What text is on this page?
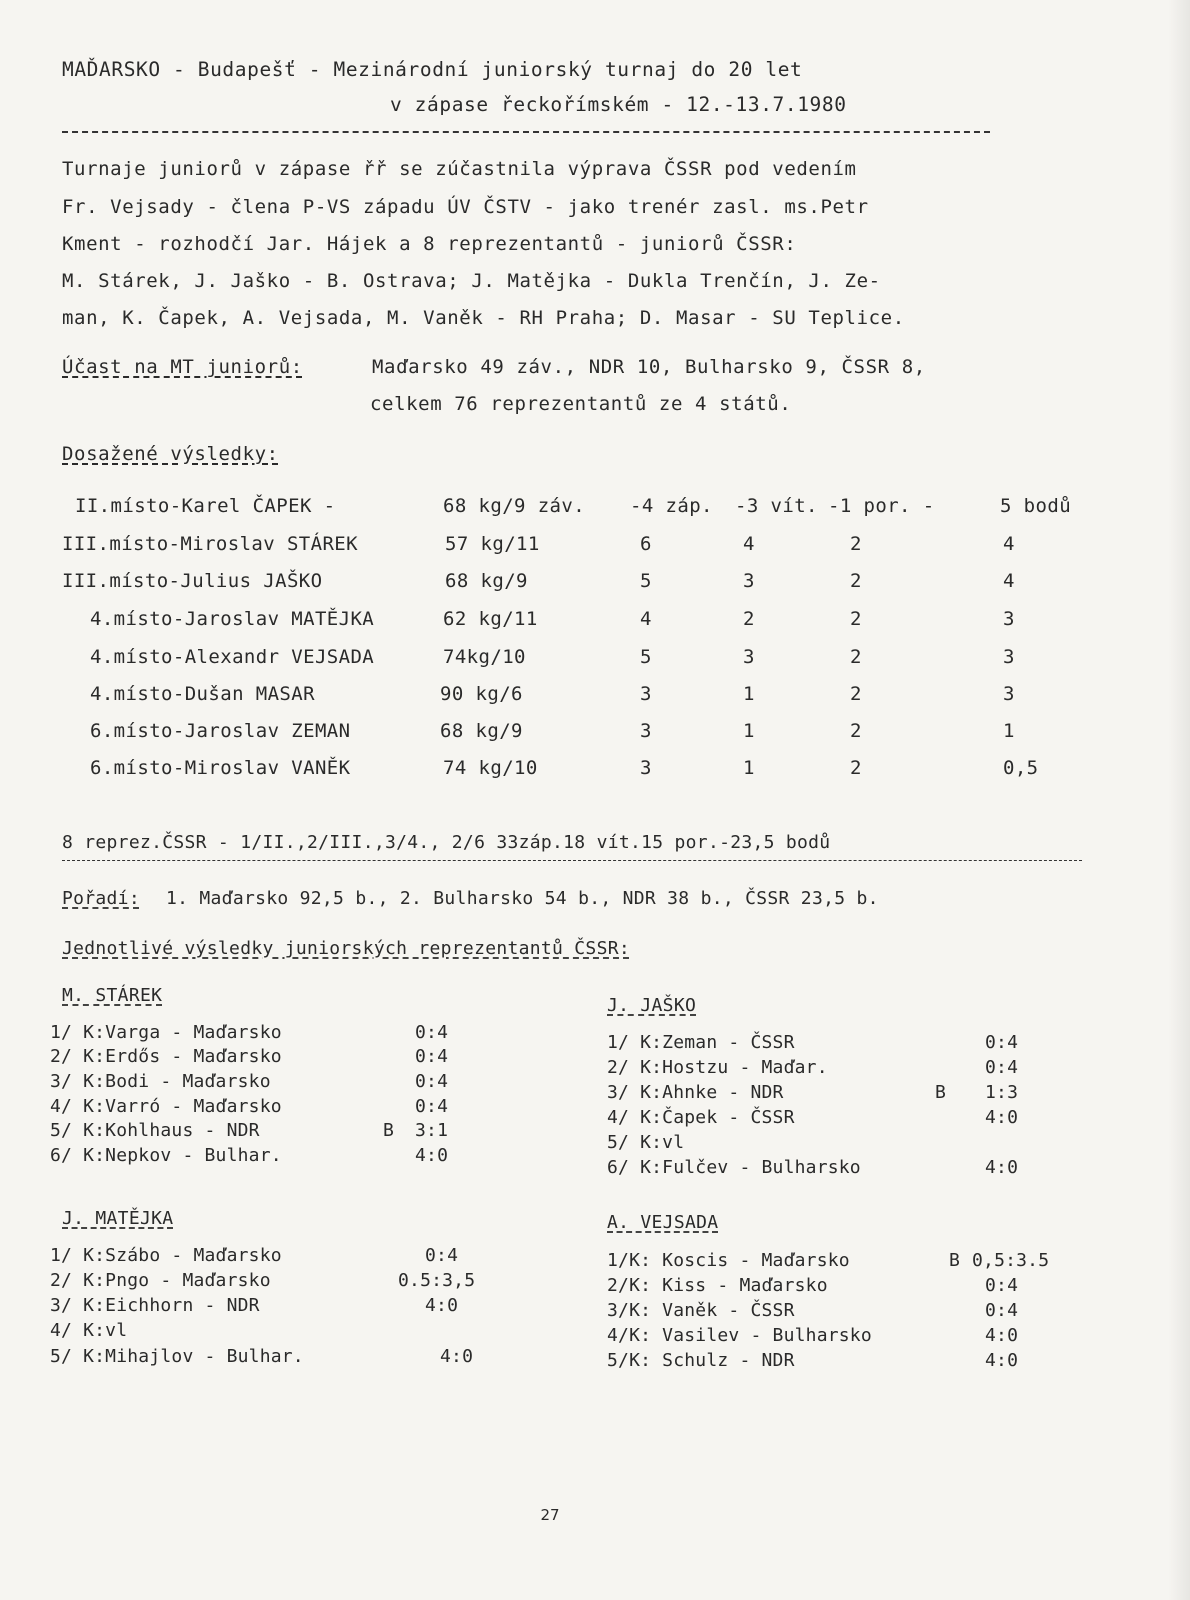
MAĎARSKO - Budapešť - Mezinárodní juniorský turnaj do 20 let
v zápase řeckořímském - 12.-13.7.1980
Turnaje juniorů v zápase řř se zúčastnila výprava ČSSR pod vedením
Fr. Vejsady - člena P-VS západu ÚV ČSTV - jako trenér zasl. ms.Petr
Kment - rozhodčí Jar. Hájek a 8 reprezentantů - juniorů ČSSR:
M. Stárek, J. Jaško - B. Ostrava; J. Matějka - Dukla Trenčín, J. Ze-
man, K. Čapek, A. Vejsada, M. Vaněk - RH Praha; D. Masar - SU Teplice.
Účast na MT juniorů:	Maďarsko 49 záv., NDR 10, Bulharsko 9, ČSSR 8,
celkem 76 reprezentantů ze 4 států.
Dosažené výsledky:
II.místo-Karel ČAPEK -	68 kg/9 záv. -4 záp. -3 vít. -1 por. -	5 bodů
III.místo-Miroslav STÁREK	57 kg/11	6	4	2	4
III.místo-Julius JAŠKO	68 kg/9	5	3	2	4
4.místo-Jaroslav MATĚJKA	62 kg/11	4	2	2	3
4.místo-Alexandr VEJSADA	74kg/10	5	3	2	3
4.místo-Dušan MASAR	90 kg/6	3	1	2	3
6.místo-Jaroslav ZEMAN	68 kg/9	3	1	2	1
6.místo-Miroslav VANĚK	74 kg/10	3	1	2	0,5
8 reprez.ČSSR - 1/II.,2/III.,3/4., 2/6 33záp.18 vít.15 por.-23,5 bodů
Pořadí: 1. Maďarsko 92,5 b., 2. Bulharsko 54 b., NDR 38 b., ČSSR 23,5 b.
Jednotlivé výsledky juniorských reprezentantů ČSSR:
M. STÁREK
1/ K:Varga - Maďarsko	0:4
2/ K:Erdős - Maďarsko	0:4
3/ K:Bodi - Maďarsko	0:4
4/ K:Varró - Maďarsko	0:4
5/ K:Kohlhaus - NDR	B 3:1
6/ K:Nepkov - Bulhar.	4:0
J. JAŠKO
1/ K:Zeman - ČSSR	0:4
2/ K:Hostzu - Maďar.	0:4
3/ K:Ahnke - NDR	B 1:3
4/ K:Čapek - ČSSR	4:0
5/ K:vl
6/ K:Fulčev - Bulharsko	4:0
J. MATĚJKA
1/ K:Szábo - Maďarsko	0:4
2/ K:Pngo - Maďarsko	0.5:3,5
3/ K:Eichhorn - NDR	4:0
4/ K:vl
5/ K:Mihajlov - Bulhar.	4:0
A. VEJSADA
1/K: Koscis - Maďarsko	B 0,5:3.5
2/K: Kiss - Maďarsko	0:4
3/K: Vaněk - ČSSR	0:4
4/K: Vasilev - Bulharsko	4:0
5/K: Schulz - NDR	4:0
27
